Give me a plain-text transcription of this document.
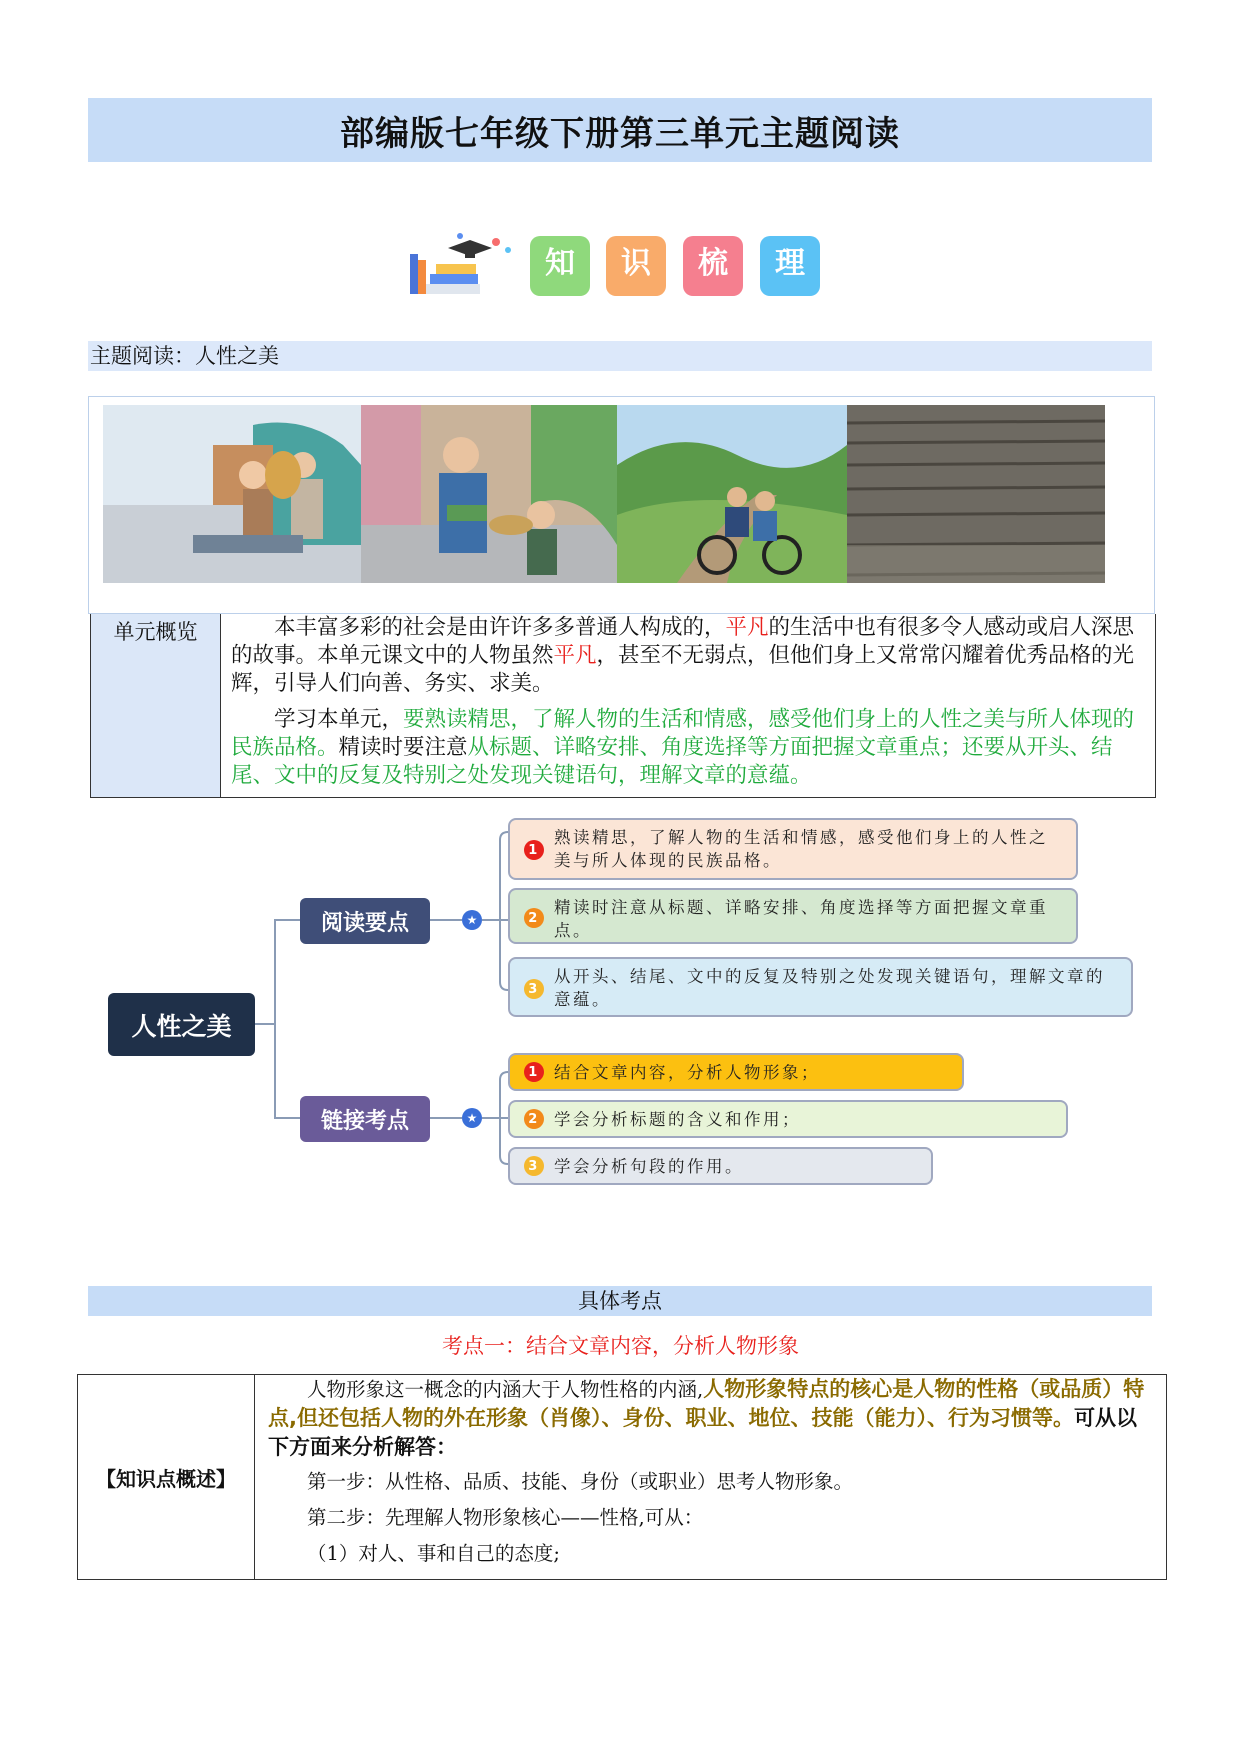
部编版七年级下册第三单元主题阅读
知	识	梳	理
主题阅读：人性之美
单元概览	本丰富多彩的社会是由许许多多普通人构成的，平凡的生活中也有很多令人感动或启人深思的故事。本单元课文中的人物虽然平凡，甚至不无弱点，但他们身上又常常闪耀着优秀品格的光辉，引导人们向善、务实、求美。

学习本单元，要熟读精思，了解人物的生活和情感，感受他们身上的人性之美与所人体现的民族品格。精读时要注意从标题、详略安排、角度选择等方面把握文章重点；还要从开头、结尾、文中的反复及特别之处发现关键语句，理解文章的意蕴。

人性之美
阅读要点
链接考点
★
★
1
熟读精思，了解人物的生活和情感，感受他们身上的人性之美与所人体现的民族品格。
2
精读时注意从标题、详略安排、角度选择等方面把握文章重点。
3
从开头、结尾、文中的反复及特别之处发现关键语句，理解文章的意蕴。
1 结合文章内容，分析人物形象；
2 学会分析标题的含义和作用；
3 学会分析句段的作用。
具体考点
考点一：结合文章内容，分析人物形象
【知识点概述】

人物形象这一概念的内涵大于人物性格的内涵,人物形象特点的核心是人物的性格（或品质）特点,但还包括人物的外在形象（肖像）、身份、职业、地位、技能（能力）、行为习惯等。可从以下方面来分析解答：

第一步：从性格、品质、技能、身份（或职业）思考人物形象。

第二步：先理解人物形象核心——性格,可从：

（1）对人、事和自己的态度;
